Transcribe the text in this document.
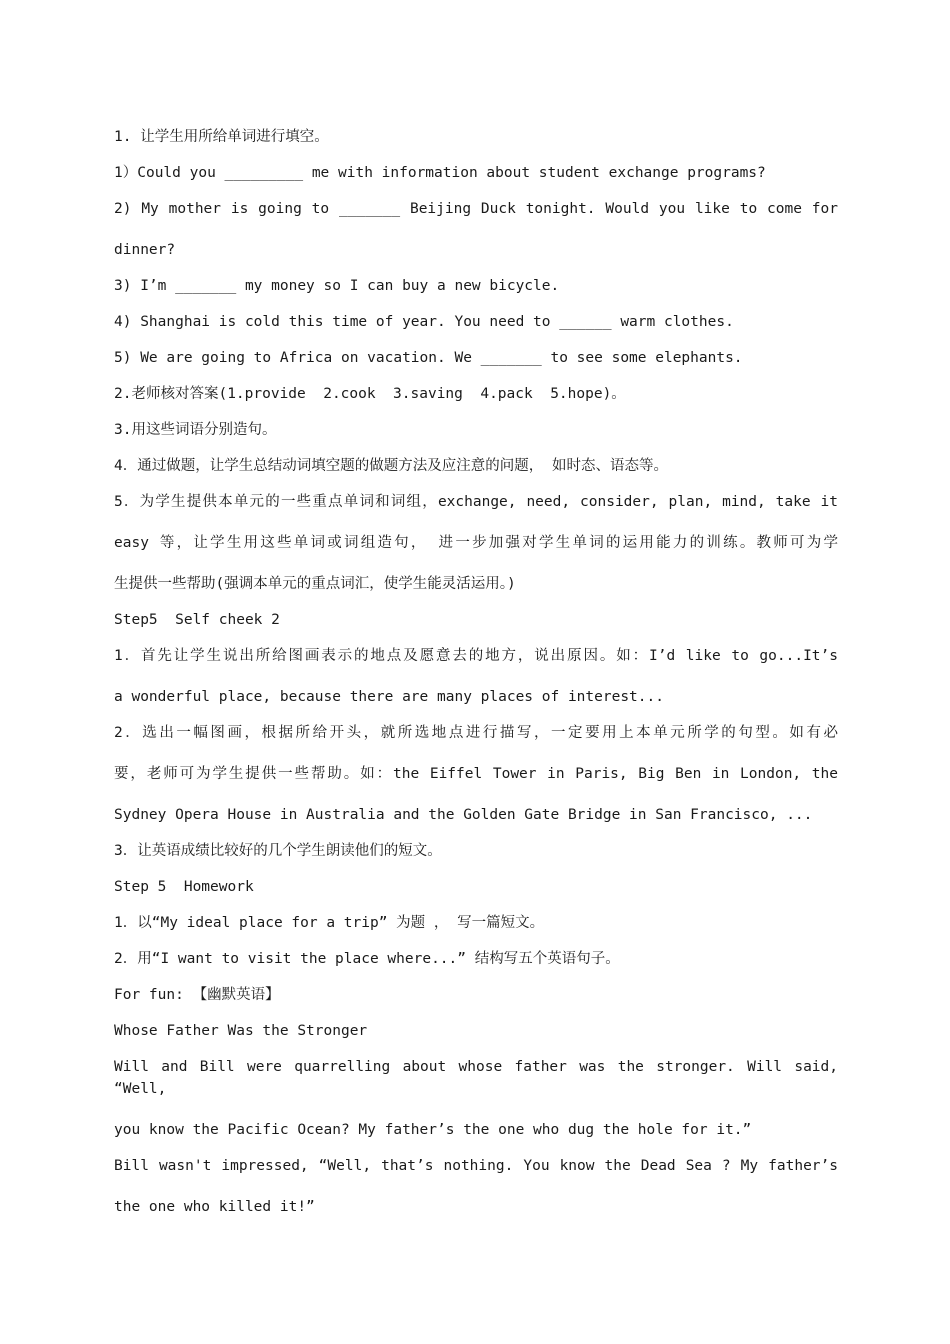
1. 让学生用所给单词进行填空。
1）Could you _________ me with information about student exchange programs?
2) My mother is going to _______ Beijing Duck tonight. Would you like to come for
dinner?
3) I’m _______ my money so I can buy a new bicycle.
4) Shanghai is cold this time of year. You need to ______ warm clothes.
5) We are going to Africa on vacation. We _______ to see some elephants.
2.老师核对答案(1.provide  2.cook  3.saving  4.pack  5.hope)。
3.用这些词语分别造句。
4．通过做题，让学生总结动词填空题的做题方法及应注意的问题， 如时态、语态等。
5．为学生提供本单元的一些重点单词和词组，exchange, need, consider, plan, mind, take it
easy 等，让学生用这些单词或词组造句， 进一步加强对学生单词的运用能力的训练。教师可为学
生提供一些帮助(强调本单元的重点词汇，使学生能灵活运用。)
Step5  Self cheek 2
1．首先让学生说出所给图画表示的地点及愿意去的地方，说出原因。如：I’d like to go...It’s
a wonderful place, because there are many places of interest...
2．选出一幅图画，根据所给开头，就所选地点进行描写，一定要用上本单元所学的句型。如有必
要，老师可为学生提供一些帮助。如：the Eiffel Tower in Paris, Big Ben in London, the
Sydney Opera House in Australia and the Golden Gate Bridge in San Francisco, ...
3．让英语成绩比较好的几个学生朗读他们的短文。
Step 5  Homework
1．以“My ideal place for a trip” 为题 ， 写一篇短文。
2．用“I want to visit the place where...” 结构写五个英语句子。
For fun: 【幽默英语】
Whose Father Was the Stronger
Will and Bill were quarrelling about whose father was the stronger. Will said, “Well,
you know the Pacific Ocean? My father’s the one who dug the hole for it.”
Bill wasn't impressed, “Well, that’s nothing. You know the Dead Sea ? My father’s
the one who killed it!”
